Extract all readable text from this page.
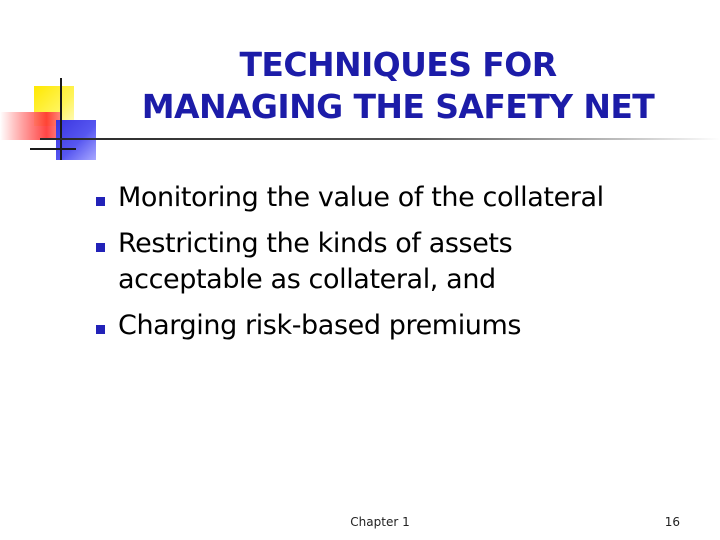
TECHNIQUES FOR
MANAGING THE SAFETY NET
Monitoring the value of the collateral
Restricting the kinds of assets acceptable as collateral, and
Charging risk-based premiums
Chapter 1	16
